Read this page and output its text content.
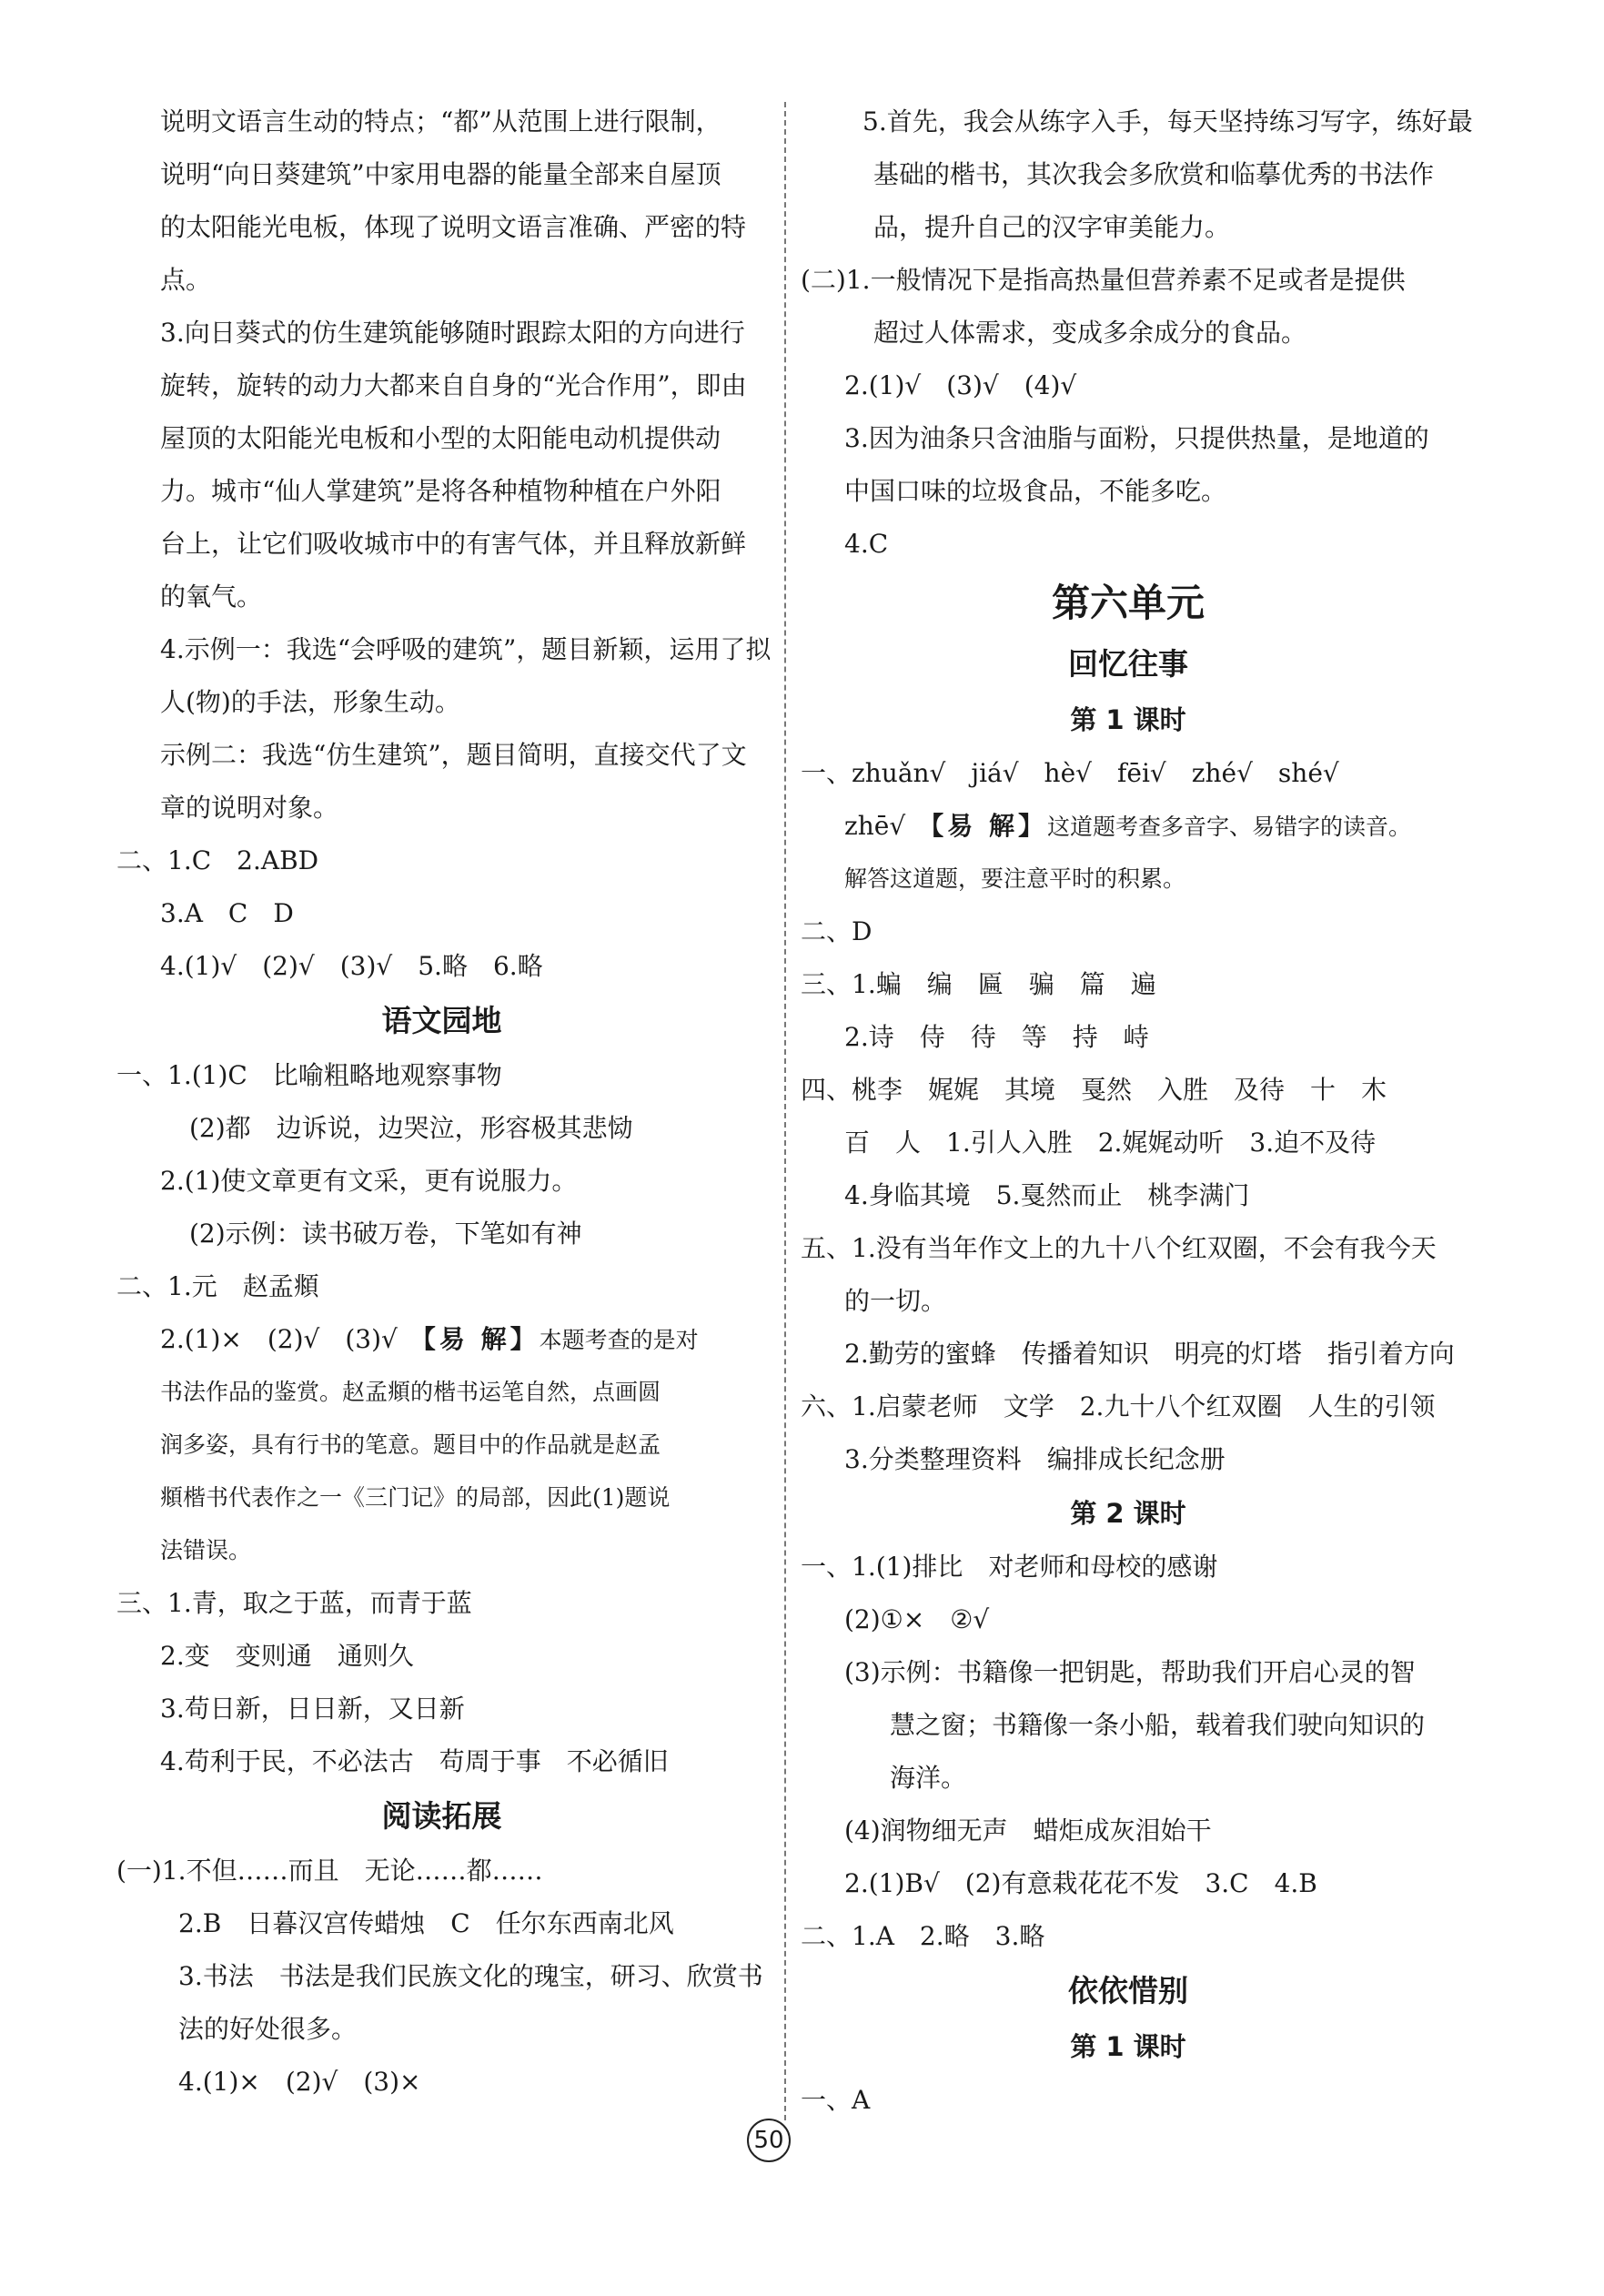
说明文语言生动的特点；“都”从范围上进行限制，
说明“向日葵建筑”中家用电器的能量全部来自屋顶
的太阳能光电板，体现了说明文语言准确、严密的特
点。
3.向日葵式的仿生建筑能够随时跟踪太阳的方向进行
旋转，旋转的动力大都来自自身的“光合作用”，即由
屋顶的太阳能光电板和小型的太阳能电动机提供动
力。城市“仙人掌建筑”是将各种植物种植在户外阳
台上，让它们吸收城市中的有害气体，并且释放新鲜
的氧气。
4.示例一：我选“会呼吸的建筑”，题目新颖，运用了拟
人(物)的手法，形象生动。
示例二：我选“仿生建筑”，题目简明，直接交代了文
章的说明对象。
二、1.C　2.ABD
3.A　C　D
4.(1)√　(2)√　(3)√　5.略　6.略
语文园地
一、1.(1)C　比喻粗略地观察事物
(2)都　边诉说，边哭泣，形容极其悲恸
2.(1)使文章更有文采，更有说服力。
(2)示例：读书破万卷，下笔如有神
二、1.元　赵孟頫
2.(1)×　(2)√　(3)√　【易 解】本题考查的是对
书法作品的鉴赏。赵孟頫的楷书运笔自然，点画圆
润多姿，具有行书的笔意。题目中的作品就是赵孟
頫楷书代表作之一《三门记》的局部，因此(1)题说
法错误。
三、1.青，取之于蓝，而青于蓝
2.变　变则通　通则久
3.苟日新，日日新，又日新
4.苟利于民，不必法古　苟周于事　不必循旧
阅读拓展
(一)1.不但……而且　无论……都……
2.B　日暮汉宫传蜡烛　C　任尔东西南北风
3.书法　书法是我们民族文化的瑰宝，研习、欣赏书
法的好处很多。
4.(1)×　(2)√　(3)×
5.首先，我会从练字入手，每天坚持练习写字，练好最
基础的楷书，其次我会多欣赏和临摹优秀的书法作
品，提升自己的汉字审美能力。
(二)1.一般情况下是指高热量但营养素不足或者是提供
超过人体需求，变成多余成分的食品。
2.(1)√　(3)√　(4)√
3.因为油条只含油脂与面粉，只提供热量，是地道的
中国口味的垃圾食品，不能多吃。
4.C
第六单元
回忆往事
第 1 课时
一、zhuǎn√　jiá√　hè√　fēi√　zhé√　shé√
zhē√　【易 解】这道题考查多音字、易错字的读音。
解答这道题，要注意平时的积累。
二、D
三、1.蝙　编　匾　骗　篇　遍
2.诗　侍　待　等　持　峙
四、桃李　娓娓　其境　戛然　入胜　及待　十　木
百　人　1.引人入胜　2.娓娓动听　3.迫不及待
4.身临其境　5.戛然而止　桃李满门
五、1.没有当年作文上的九十八个红双圈，不会有我今天
的一切。
2.勤劳的蜜蜂　传播着知识　明亮的灯塔　指引着方向
六、1.启蒙老师　文学　2.九十八个红双圈　人生的引领
3.分类整理资料　编排成长纪念册
第 2 课时
一、1.(1)排比　对老师和母校的感谢
(2)①×　②√
(3)示例：书籍像一把钥匙，帮助我们开启心灵的智
慧之窗；书籍像一条小船，载着我们驶向知识的
海洋。
(4)润物细无声　蜡炬成灰泪始干
2.(1)B√　(2)有意栽花花不发　3.C　4.B
二、1.A　2.略　3.略
依依惜别
第 1 课时
一、A
50
